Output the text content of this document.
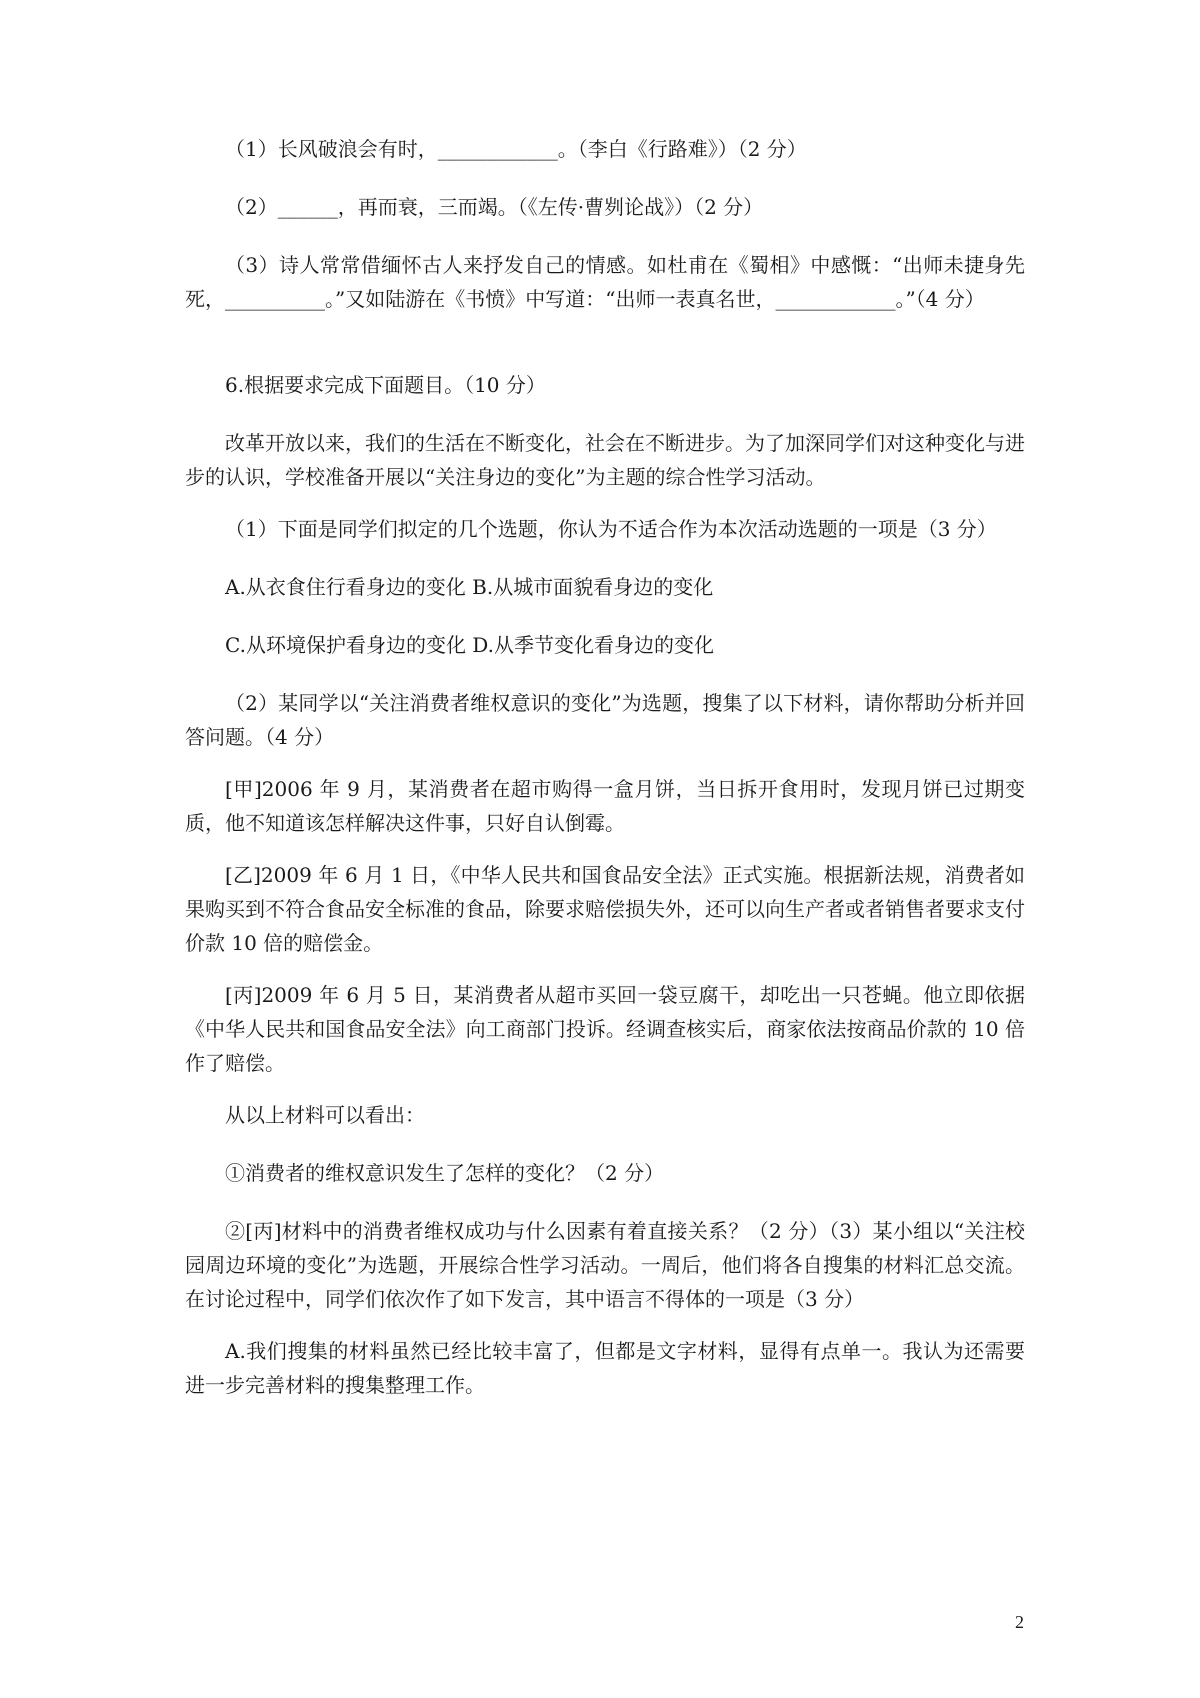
（1）长风破浪会有时，____________。（李白《行路难》）（2 分）

（2）______，再而衰，三而竭。（《左传·曹刿论战》）（2 分）

（3）诗人常常借缅怀古人来抒发自己的情感。如杜甫在《蜀相》中感慨：“出师未捷身先死，__________。”又如陆游在《书愤》中写道：“出师一表真名世，____________。”（4 分）

6.根据要求完成下面题目。（10 分）

改革开放以来，我们的生活在不断变化，社会在不断进步。为了加深同学们对这种变化与进步的认识，学校准备开展以“关注身边的变化”为主题的综合性学习活动。

（1）下面是同学们拟定的几个选题，你认为不适合作为本次活动选题的一项是（3 分）

A.从衣食住行看身边的变化 B.从城市面貌看身边的变化

C.从环境保护看身边的变化 D.从季节变化看身边的变化

（2）某同学以“关注消费者维权意识的变化”为选题，搜集了以下材料，请你帮助分析并回答问题。（4 分）

[甲]2006 年 9 月，某消费者在超市购得一盒月饼，当日拆开食用时，发现月饼已过期变质，他不知道该怎样解决这件事，只好自认倒霉。

[乙]2009 年 6 月 1 日，《中华人民共和国食品安全法》正式实施。根据新法规，消费者如果购买到不符合食品安全标准的食品，除要求赔偿损失外，还可以向生产者或者销售者要求支付价款 10 倍的赔偿金。

[丙]2009 年 6 月 5 日，某消费者从超市买回一袋豆腐干，却吃出一只苍蝇。他立即依据《中华人民共和国食品安全法》向工商部门投诉。经调查核实后，商家依法按商品价款的 10 倍作了赔偿。

从以上材料可以看出：

①消费者的维权意识发生了怎样的变化？（2 分）

②[丙]材料中的消费者维权成功与什么因素有着直接关系？（2 分）（3）某小组以“关注校园周边环境的变化”为选题，开展综合性学习活动。一周后，他们将各自搜集的材料汇总交流。在讨论过程中，同学们依次作了如下发言，其中语言不得体的一项是（3 分）

A.我们搜集的材料虽然已经比较丰富了，但都是文字材料，显得有点单一。我认为还需要进一步完善材料的搜集整理工作。

2
